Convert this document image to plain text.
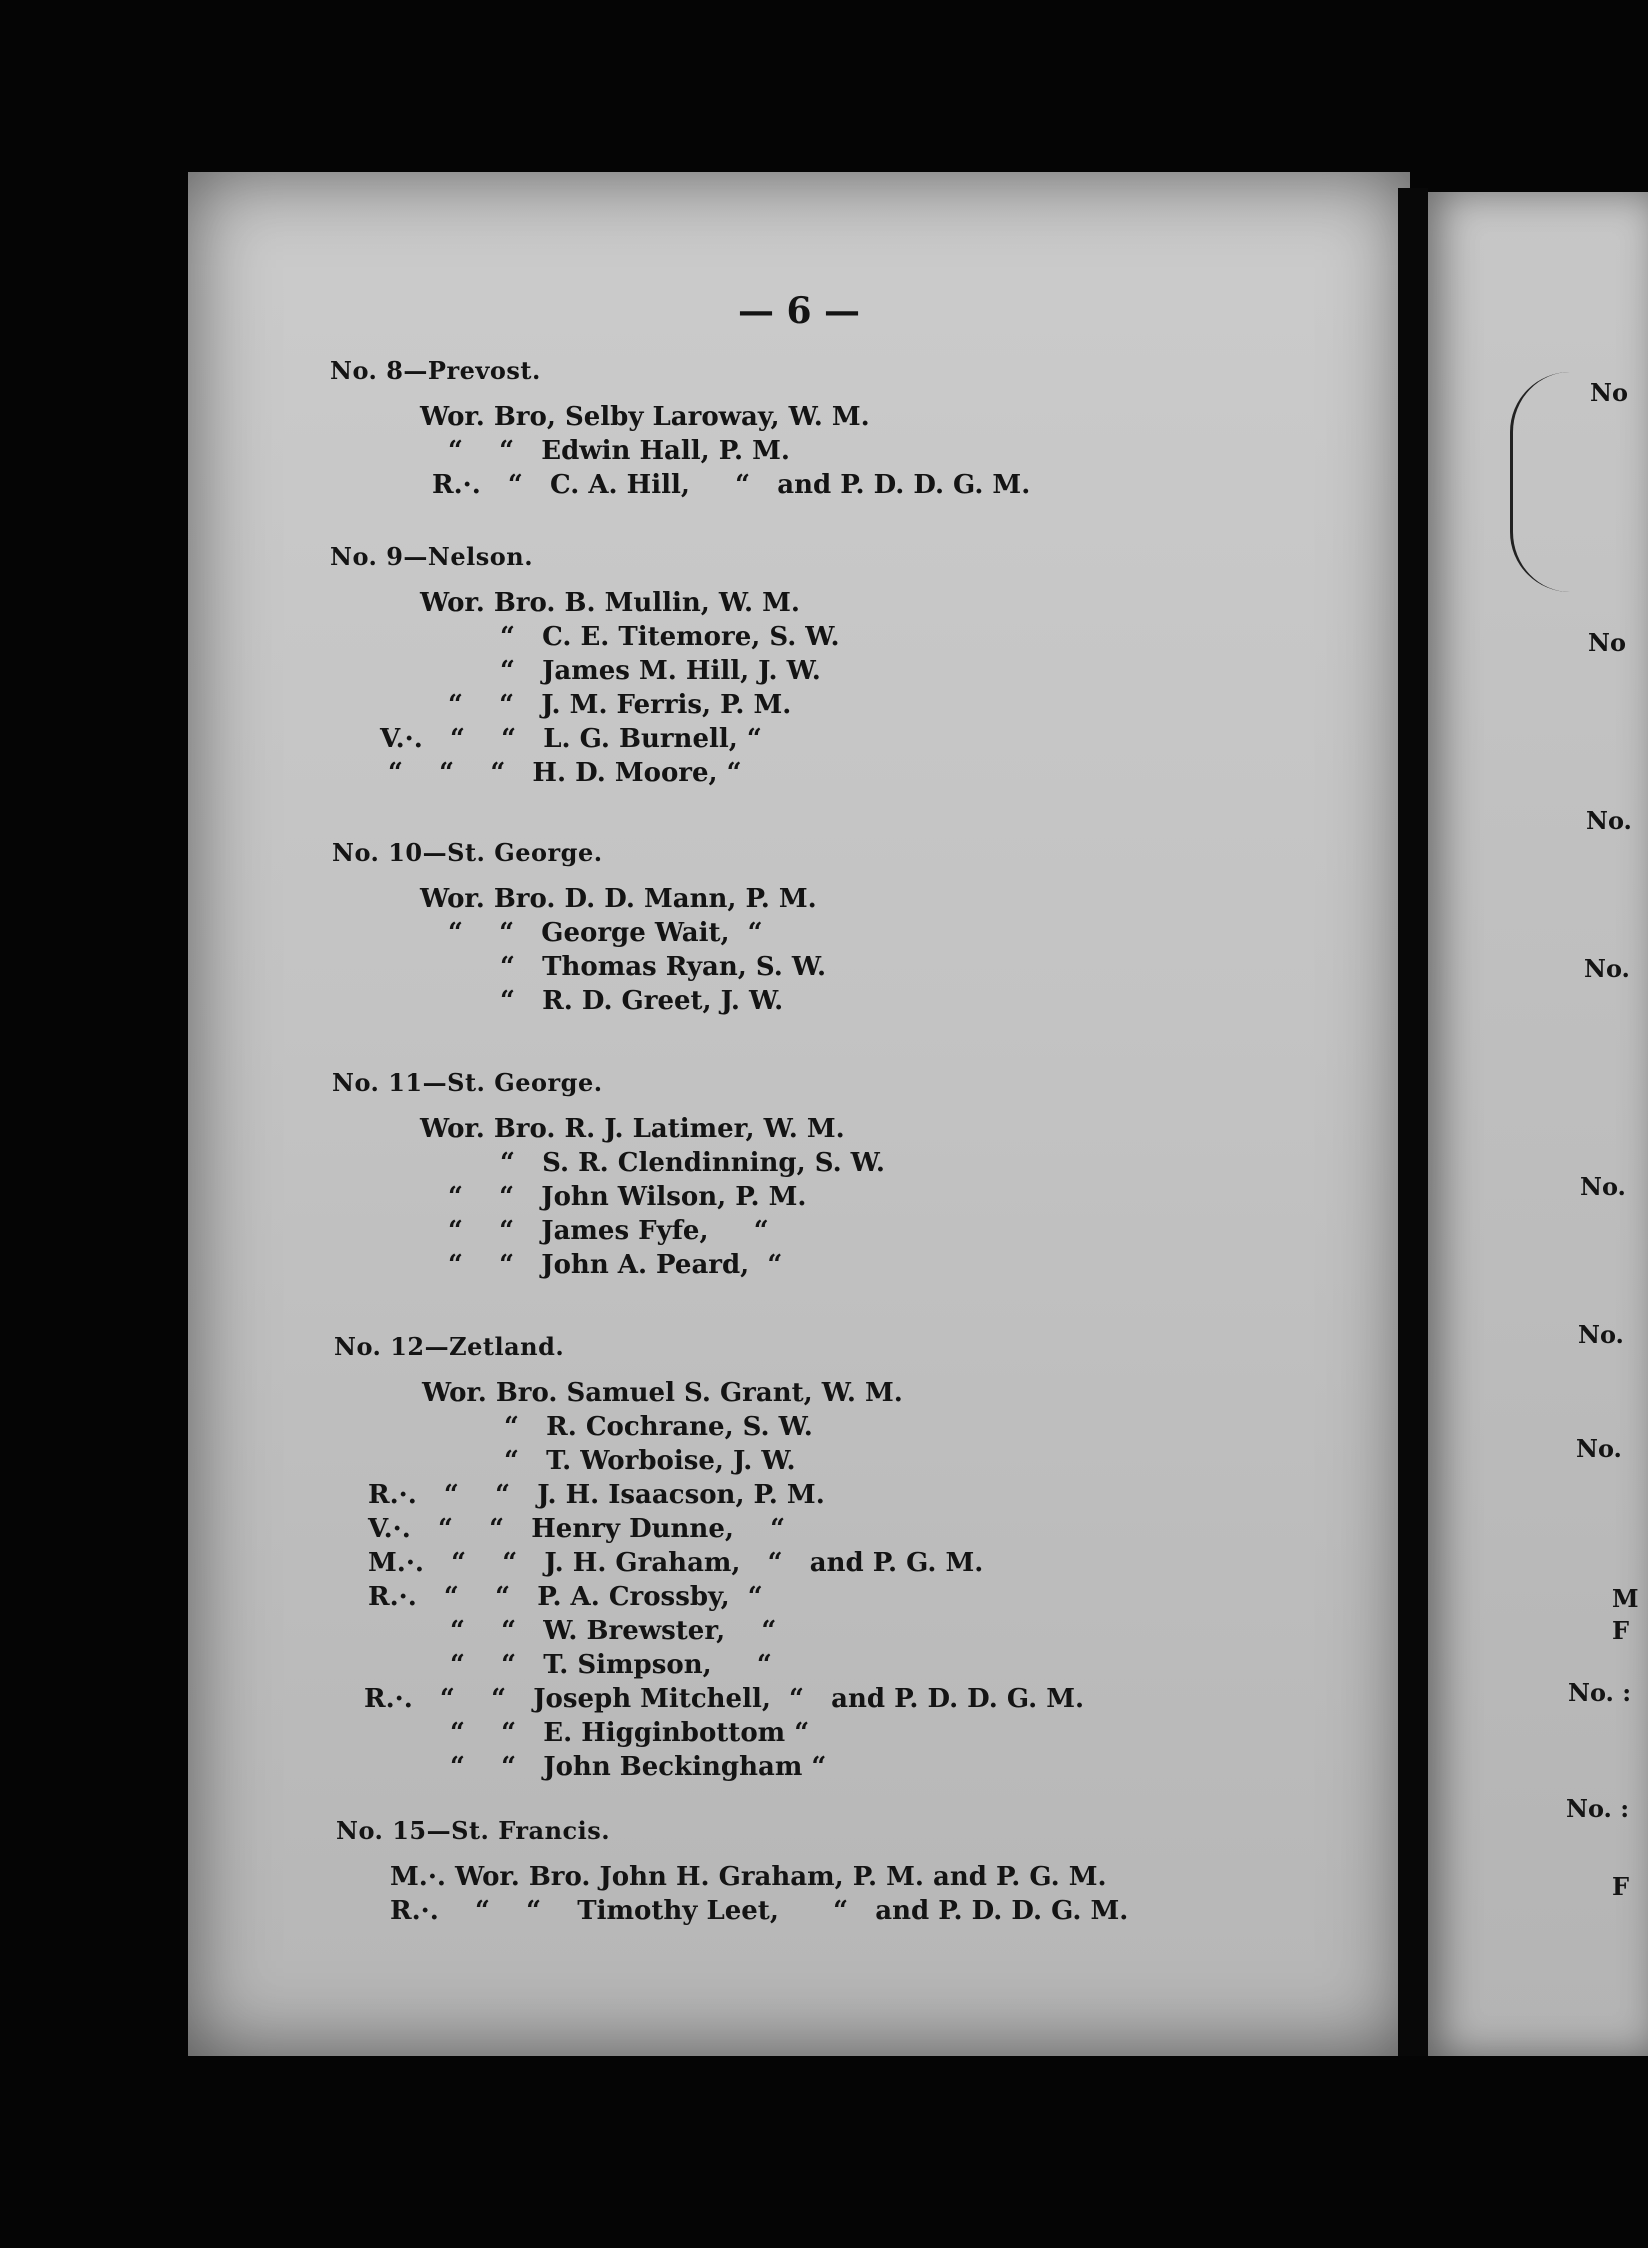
— 6 —
No. 8—Prevost.
Wor. Bro, Selby Laroway, W. M.
“    “   Edwin Hall, P. M.
R.·.   “   C. A. Hill,     “   and P. D. D. G. M.
No. 9—Nelson.
Wor. Bro. B. Mullin, W. M.
“   C. E. Titemore, S. W.
“   James M. Hill, J. W.
“    “   J. M. Ferris, P. M.
V.·.   “    “   L. G. Burnell, “
“    “    “   H. D. Moore, “
No. 10—St. George.
Wor. Bro. D. D. Mann, P. M.
“    “   George Wait,  “
“   Thomas Ryan, S. W.
“   R. D. Greet, J. W.
No. 11—St. George.
Wor. Bro. R. J. Latimer, W. M.
“   S. R. Clendinning, S. W.
“    “   John Wilson, P. M.
“    “   James Fyfe,     “
“    “   John A. Peard,  “
No. 12—Zetland.
Wor. Bro. Samuel S. Grant, W. M.
“   R. Cochrane, S. W.
“   T. Worboise, J. W.
R.·.   “    “   J. H. Isaacson, P. M.
V.·.   “    “   Henry Dunne,    “
M.·.   “    “   J. H. Graham,   “   and P. G. M.
R.·.   “    “   P. A. Crossby,  “
“    “   W. Brewster,    “
“    “   T. Simpson,     “
R.·.   “    “   Joseph Mitchell,  “   and P. D. D. G. M.
“    “   E. Higginbottom “
“    “   John Beckingham “
No. 15—St. Francis.
M.·. Wor. Bro. John H. Graham, P. M. and P. G. M.
R.·.    “    “    Timothy Leet,      “   and P. D. D. G. M.
No
No
No.
No.
No.
No.
No.
M
F
No. :
No. :
F
